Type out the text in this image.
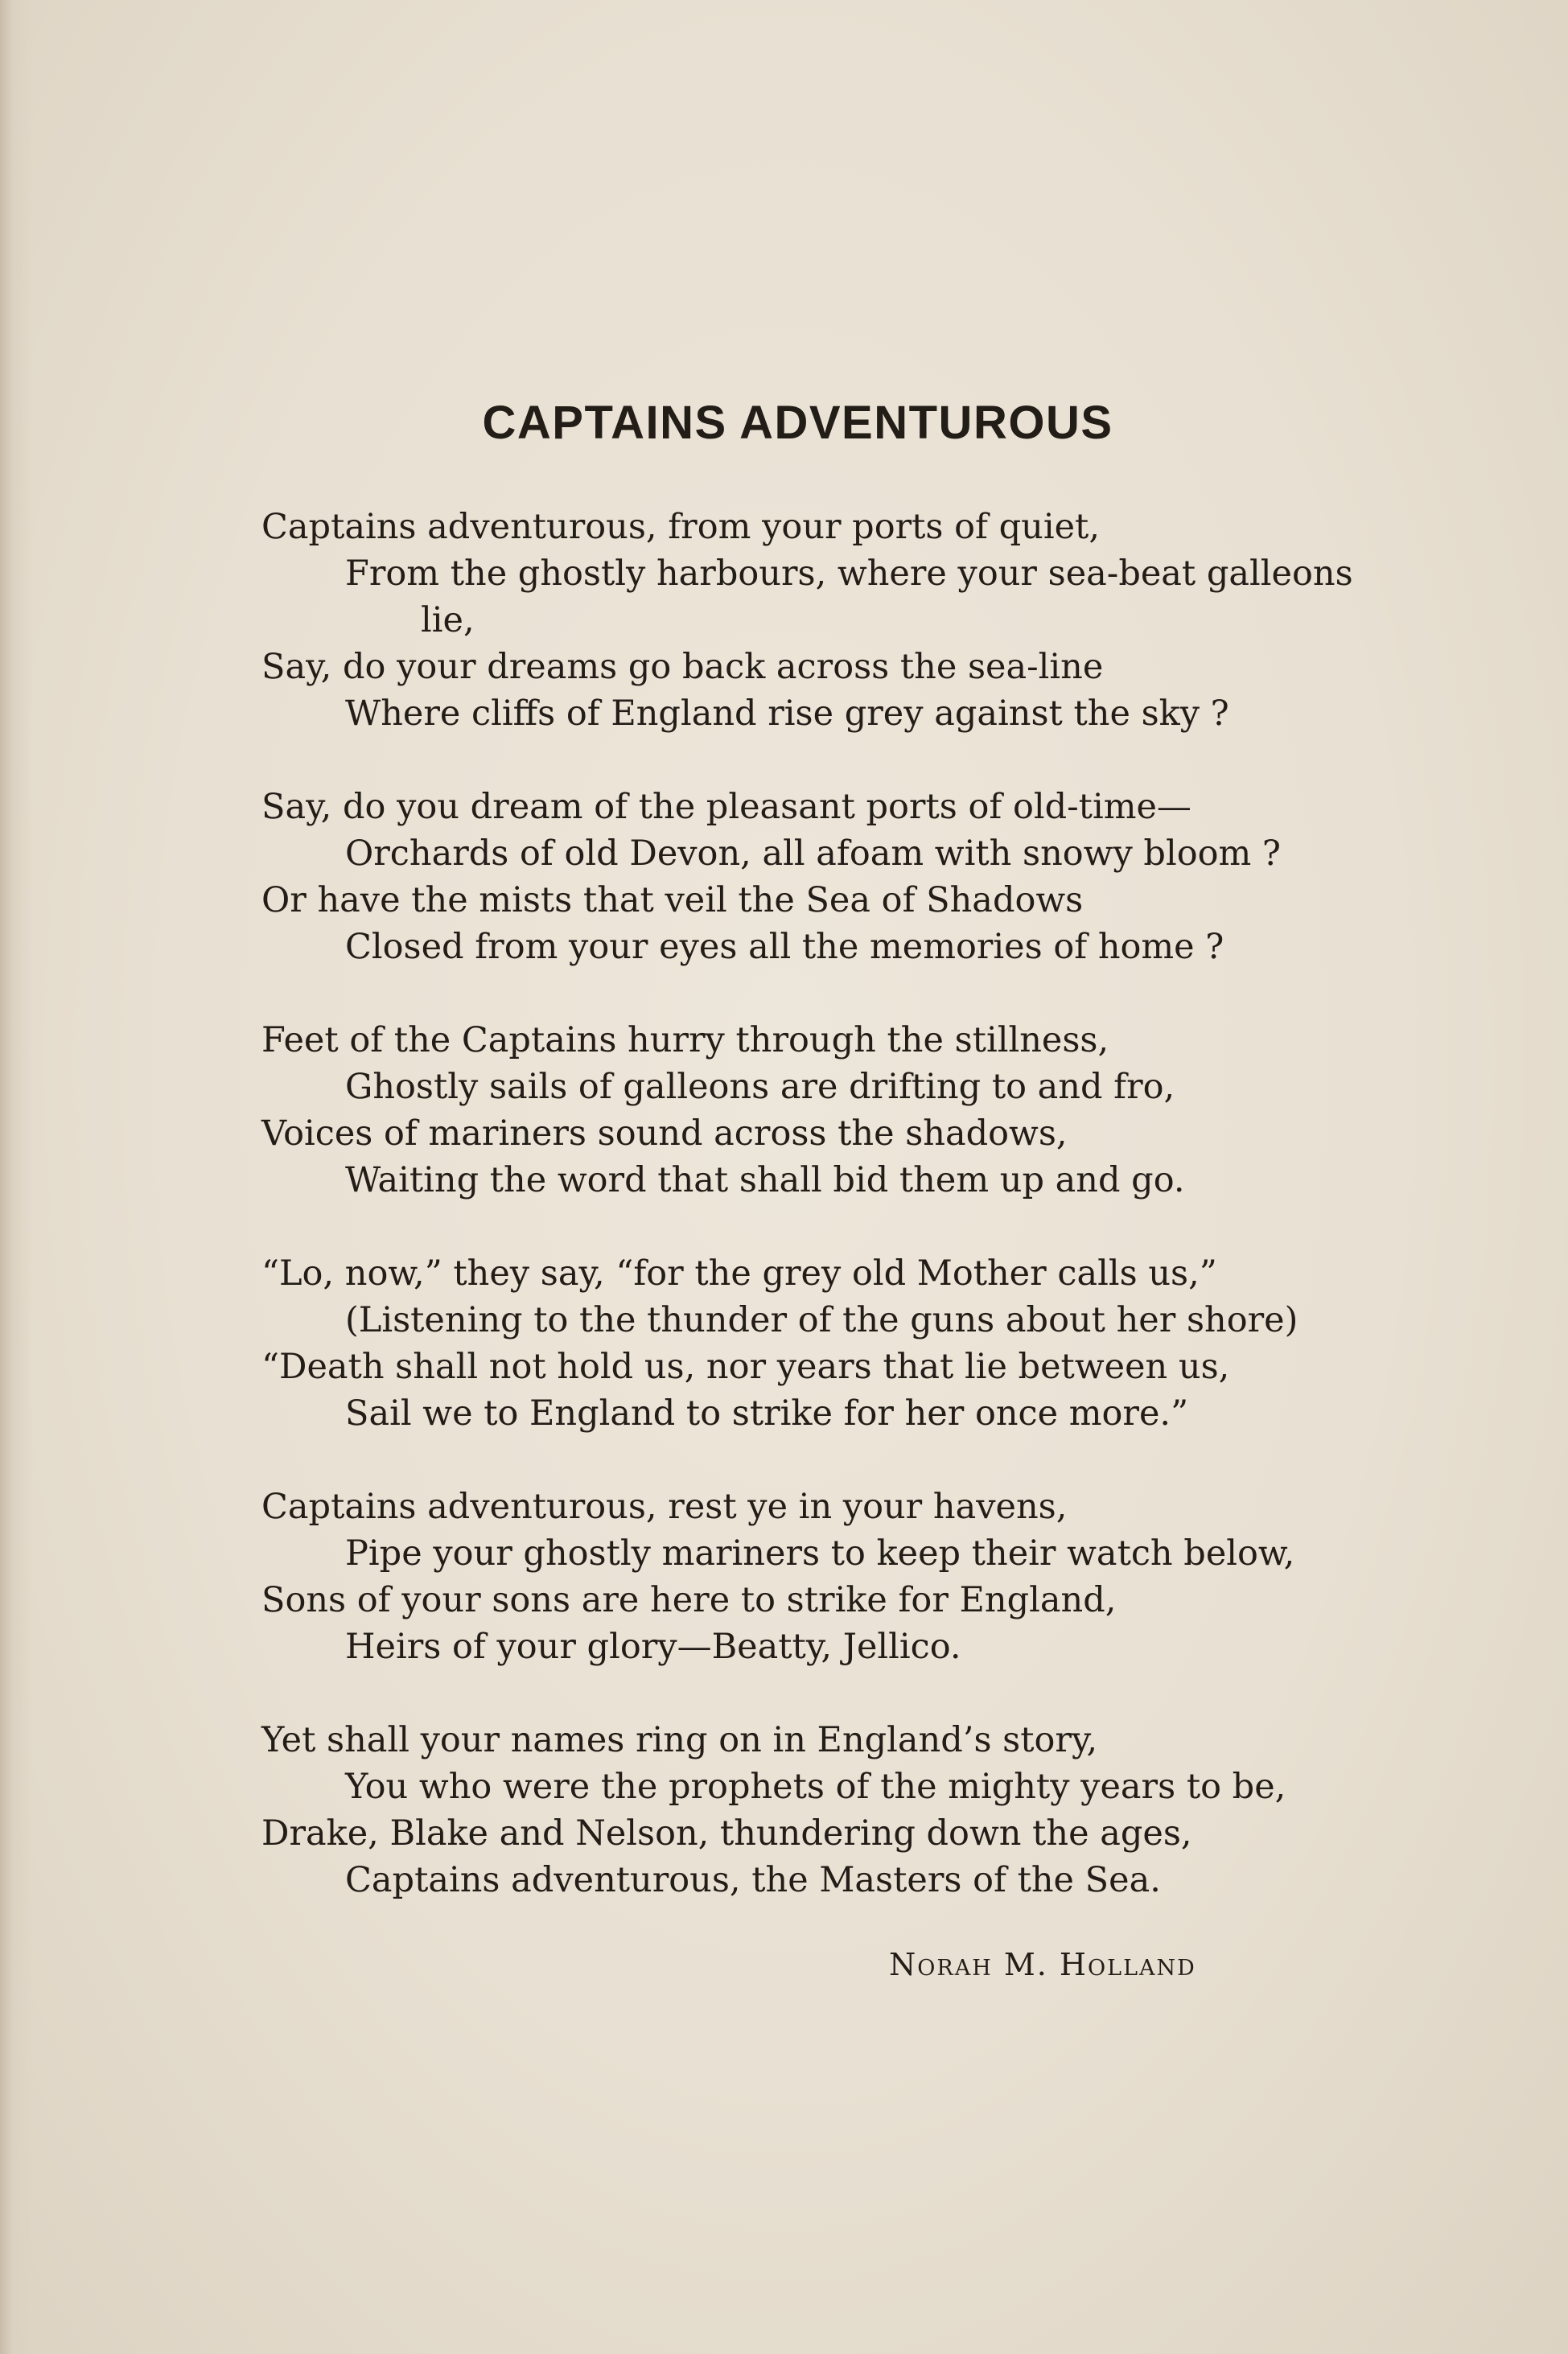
CAPTAINS ADVENTUROUS
Captains adventurous, from your ports of quiet,
From the ghostly harbours, where your sea-beat galleons
lie,
Say, do your dreams go back across the sea-line
Where cliffs of England rise grey against the sky ?
Say, do you dream of the pleasant ports of old-time—
Orchards of old Devon, all afoam with snowy bloom ?
Or have the mists that veil the Sea of Shadows
Closed from your eyes all the memories of home ?
Feet of the Captains hurry through the stillness,
Ghostly sails of galleons are drifting to and fro,
Voices of mariners sound across the shadows,
Waiting the word that shall bid them up and go.
“Lo, now,” they say, “for the grey old Mother calls us,”
(Listening to the thunder of the guns about her shore)
“Death shall not hold us, nor years that lie between us,
Sail we to England to strike for her once more.”
Captains adventurous, rest ye in your havens,
Pipe your ghostly mariners to keep their watch below,
Sons of your sons are here to strike for England,
Heirs of your glory—Beatty, Jellico.
Yet shall your names ring on in England’s story,
You who were the prophets of the mighty years to be,
Drake, Blake and Nelson, thundering down the ages,
Captains adventurous, the Masters of the Sea.
Norah M. Holland
